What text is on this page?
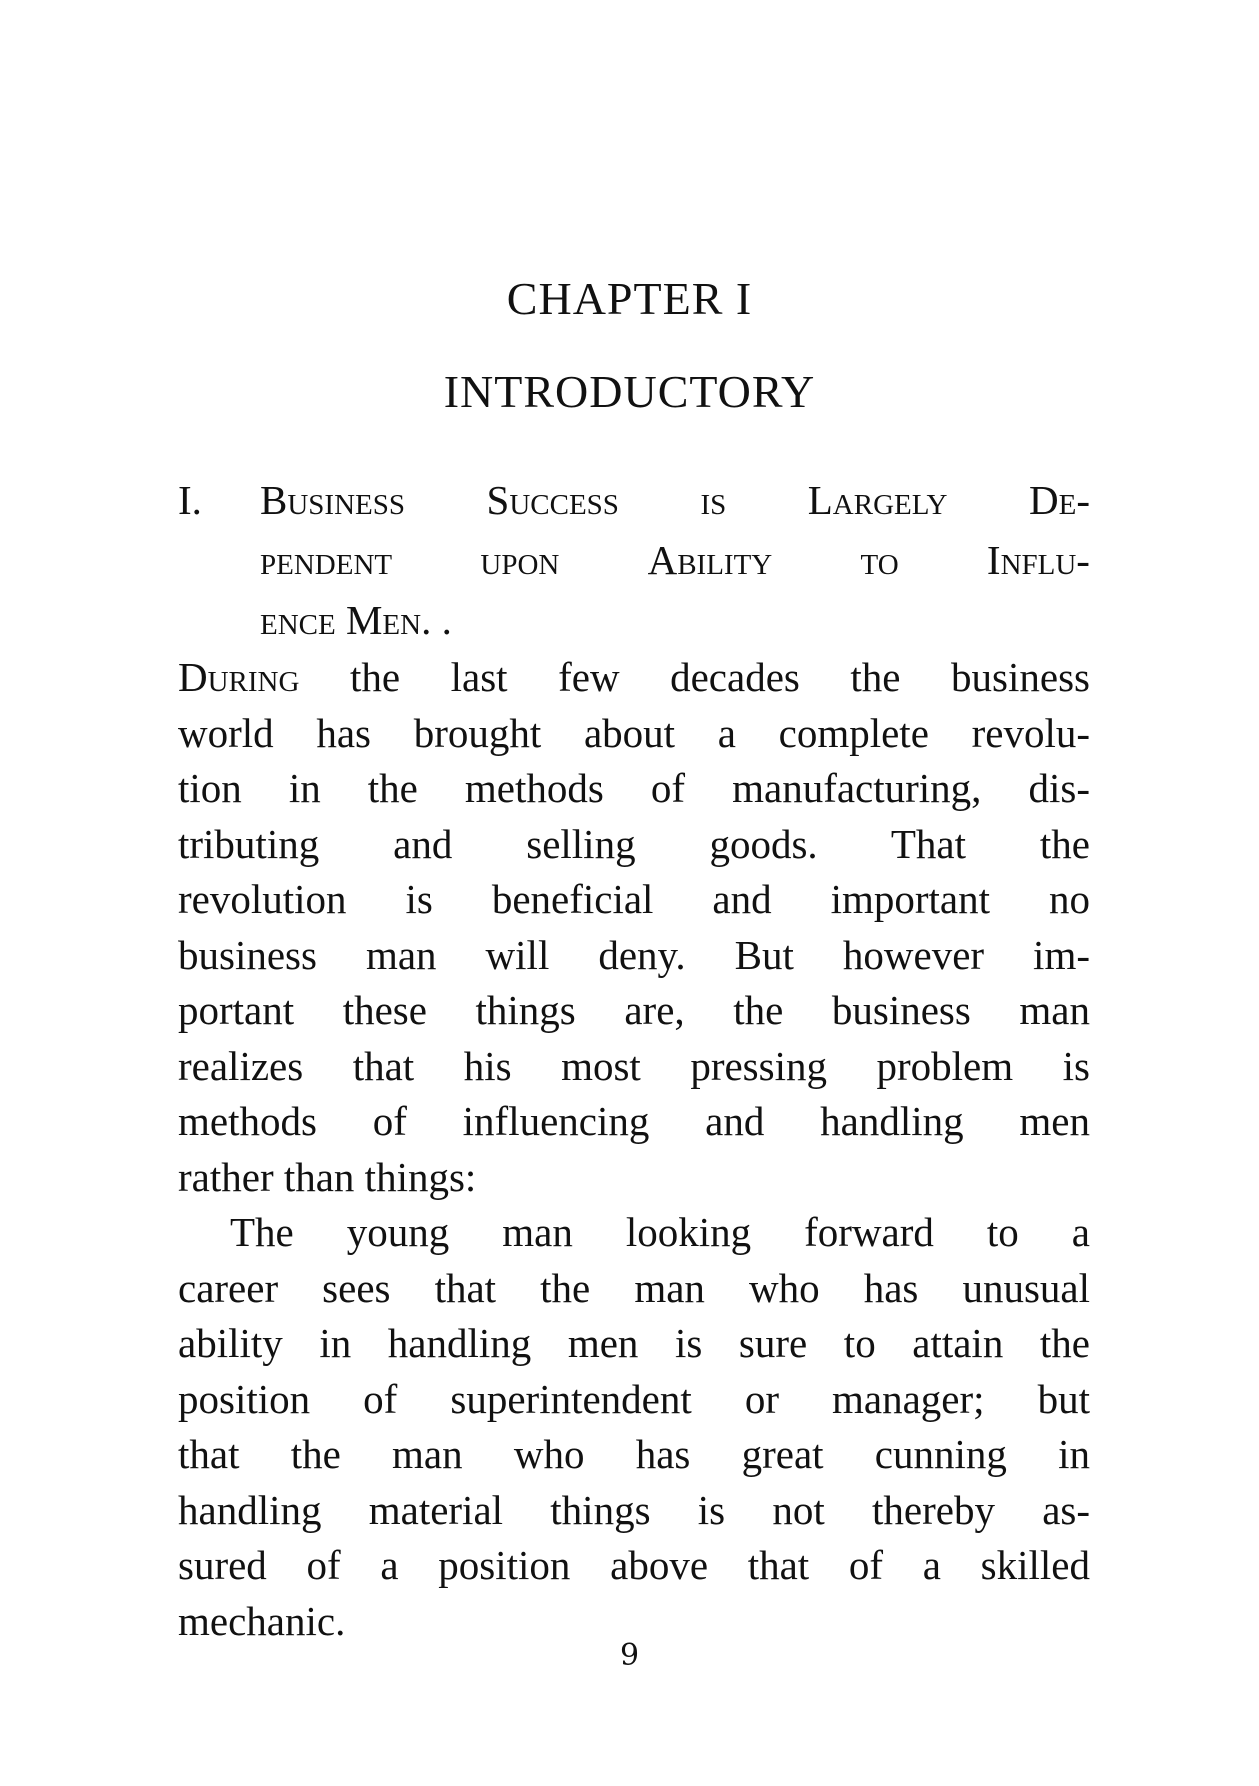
CHAPTER I
INTRODUCTORY
I. Business Success is Largely De-
pendent upon Ability to Influ-
ence Men. .

During the last few decades the business
world has brought about a complete revolu-
tion in the methods of manufacturing, dis-
tributing and selling goods. That the
revolution is beneficial and important no
business man will deny. But however im-
portant these things are, the business man
realizes that his most pressing problem is
methods of influencing and handling men
rather than things:

The young man looking forward to a
career sees that the man who has unusual
ability in handling men is sure to attain the
position of superintendent or manager; but
that the man who has great cunning in
handling material things is not thereby as-
sured of a position above that of a skilled
mechanic.

9
